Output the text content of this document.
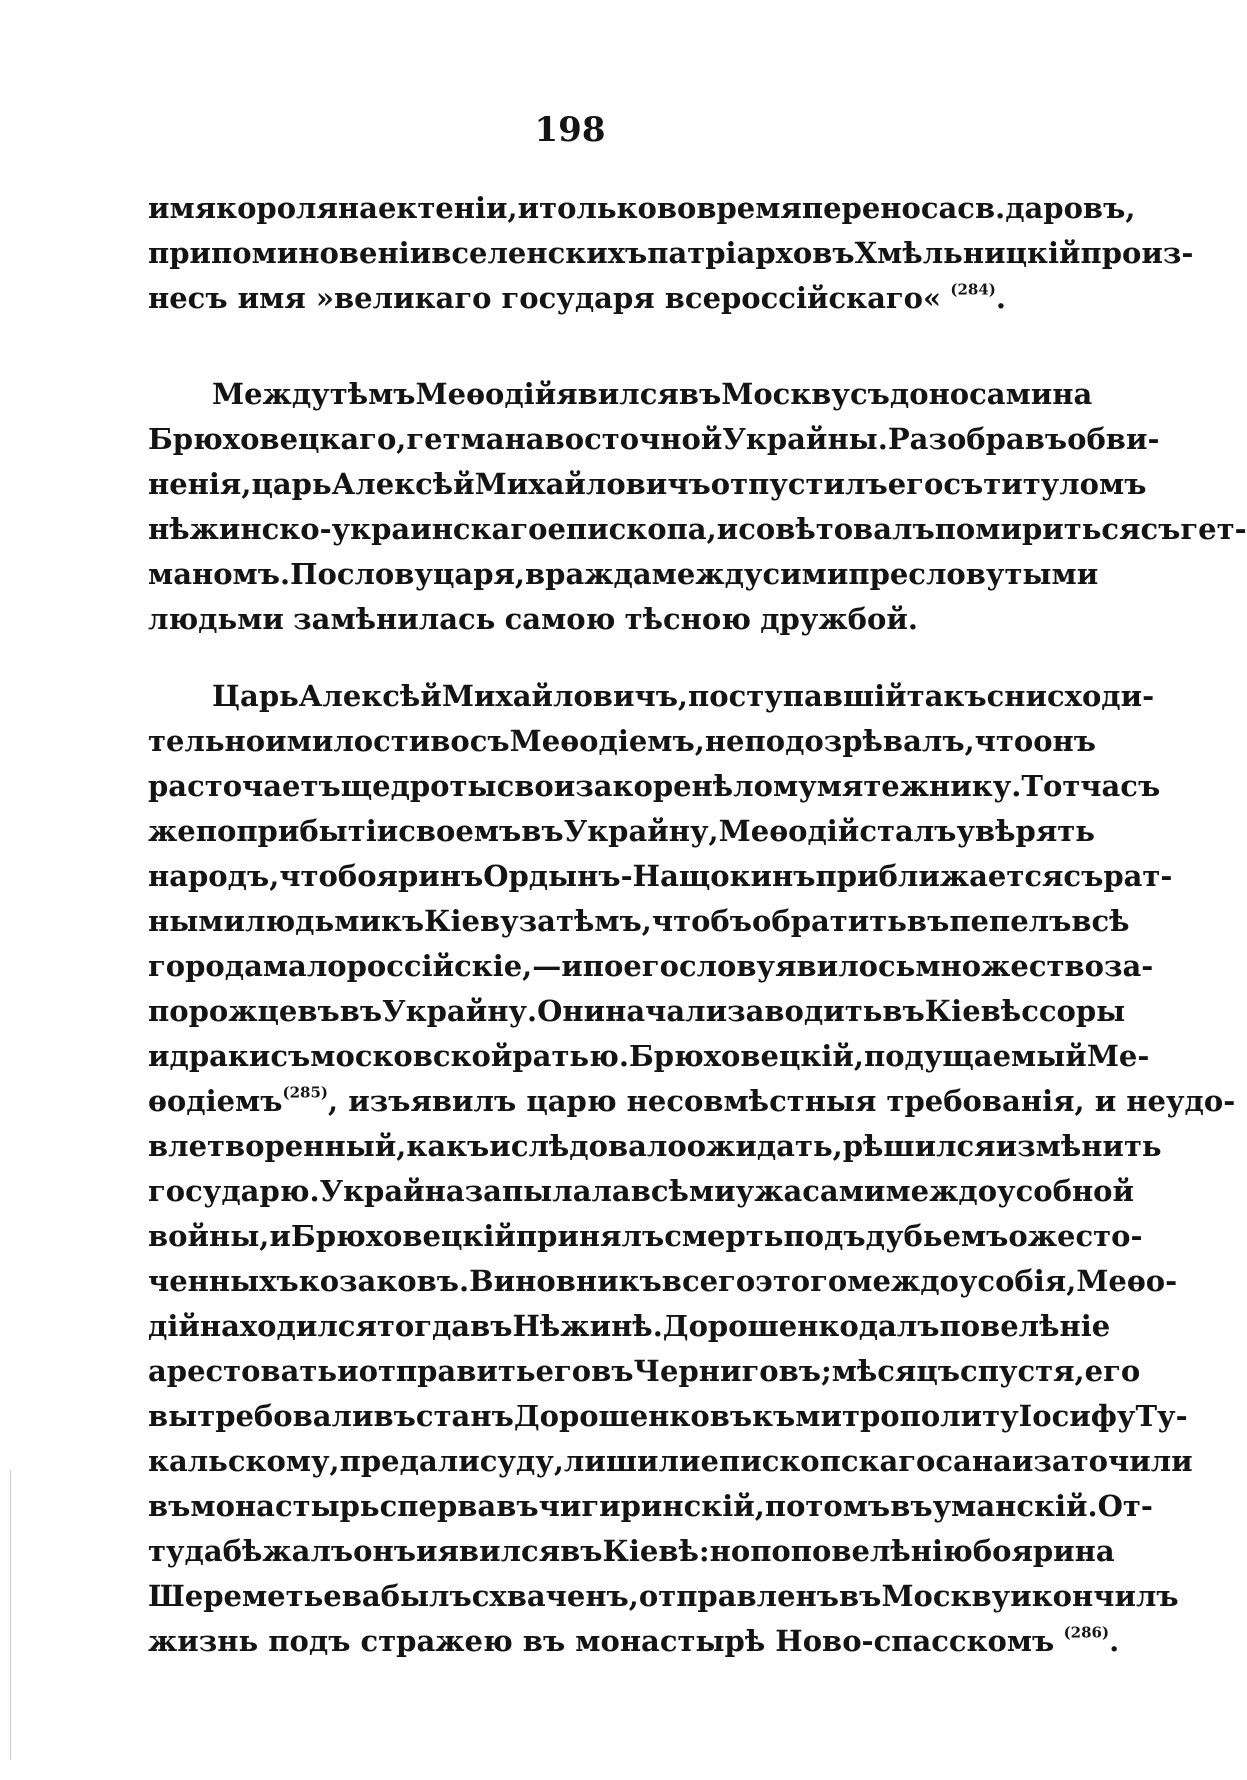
198
имя короля на ектеніи, и только во время переноса св. даровъ,
при поминовеніи вселенскихъ патріарховъ Хмѣльницкій произ-
несъ имя »великаго государя всероссійскаго« $^{(284)}$.
Между тѣмъ Меѳодій явился въ Москву съ доносами на
Брюховецкаго, гетмана восточной Украйны. Разобравъ обви-
ненія, царь Алексѣй Михайловичъ отпустилъ его съ титуломъ
нѣжинско-украинскаго епископа, и совѣтовалъ помириться съ гет-
маномъ. По слову царя, вражда между сими пресловутыми
людьми замѣнилась самою тѣсною дружбой.
Царь Алексѣй Михайловичъ, поступавшій такъ снисходи-
тельно и милостиво съ Меѳодіемъ, не подозрѣвалъ, что онъ
расточаетъ щедроты свои закоренѣлому мятежнику. Тотчасъ
же по прибытіи своемъ въ Украйну, Меѳодій сталъ увѣрять
народъ, что бояринъ Ордынъ-Нащокинъ приближается съ рат-
ными людьми къ Кіеву за тѣмъ, чтобъ обратить въ пепелъ всѣ
города малороссійскіе, — и по его слову явилось множество за-
порожцевъ въ Украйну. Они начали заводить въ Кіевѣ ссоры
и драки съ московской ратью. Брюховецкій, подущаемый Ме-
ѳодіемъ$^{(285)}$, изъявилъ царю несовмѣстныя требованія, и неудо-
влетворенный, какъ и слѣдовало ожидать, рѣшился измѣнить
государю. Украйна запылала всѣми ужасами междоусобной
войны, и Брюховецкій принялъ смерть подъ дубьемъ ожесто-
ченныхъ козаковъ. Виновникъ всего этого междоусобія, Меѳо-
дій находился тогда въ Нѣжинѣ. Дорошенко далъ повелѣніе
арестовать и отправить его въ Черниговъ; мѣсяцъ спустя, его
вытребовали въ станъ Дорошенковъ къ митрополиту Іосифу Ту-
кальскому, предали суду, лишили епископскаго сана и заточили
въ монастырь сперва въ чигиринскій, потомъ въ уманскій. От-
туда бѣжалъ онъ и явился въ Кіевѣ: но по повелѣнію боярина
Шереметьева былъ схваченъ, отправленъ въ Москву и кончилъ
жизнь подъ стражею въ монастырѣ Ново-спасскомъ $^{(286)}$.
